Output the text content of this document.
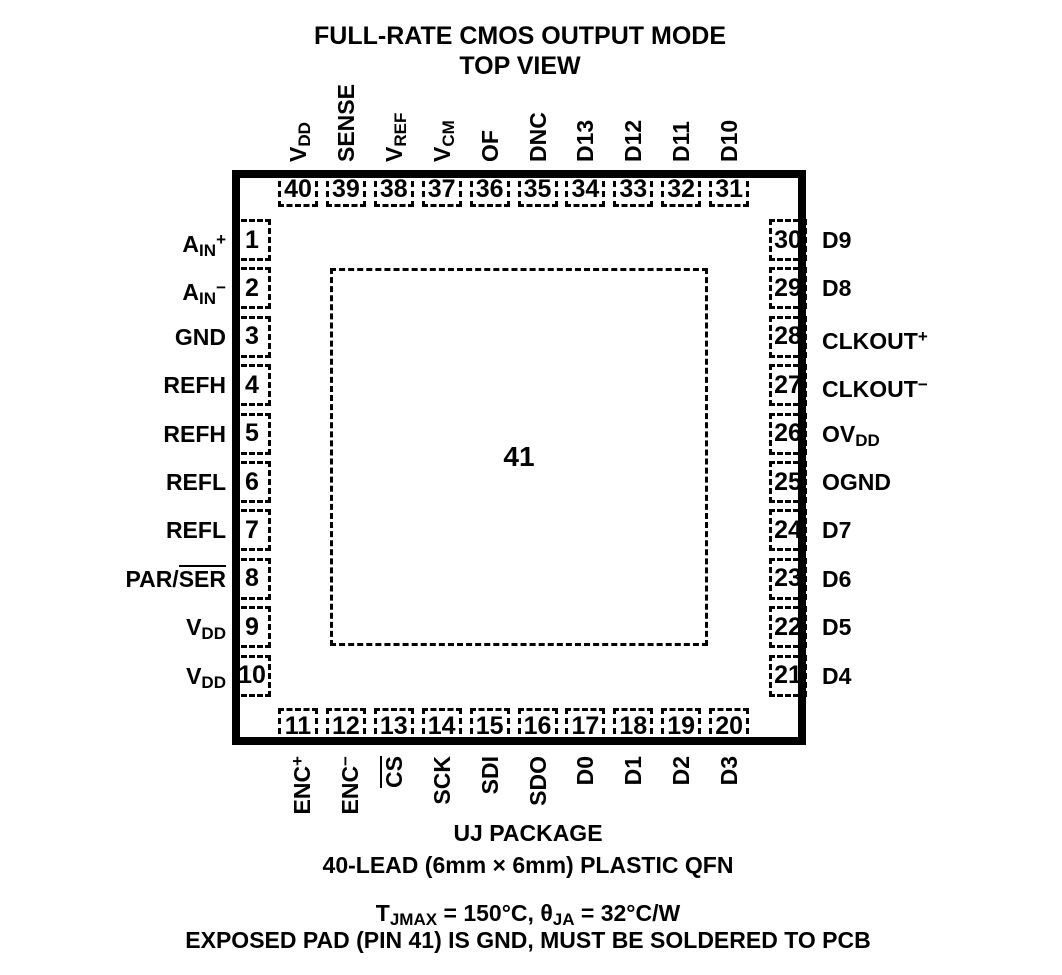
FULL-RATE CMOS OUTPUT MODE
TOP VIEW
41
40
VDD
39
SENSE
38
VREF
37
VCM
36
OF
35
DNC
34
D13
33
D12
32
D11
31
D10
11
ENC+
12
ENC−
13
CS
14
SCK
15
SDI
16
SDO
17
D0
18
D1
19
D2
20
D3
1
AIN+
2
AIN−
3
GND
4
REFH
5
REFH
6
REFL
7
REFL
8
PAR/SER
9
VDD
10
VDD
30 D9
29 D8
28 CLKOUT+
27 CLKOUT−
26 OVDD
25 OGND
24 D7
23 D6
22 D5
21 D4
UJ PACKAGE
40-LEAD (6mm × 6mm) PLASTIC QFN
TJMAX = 150°C, θJA = 32°C/W
EXPOSED PAD (PIN 41) IS GND, MUST BE SOLDERED TO PCB
